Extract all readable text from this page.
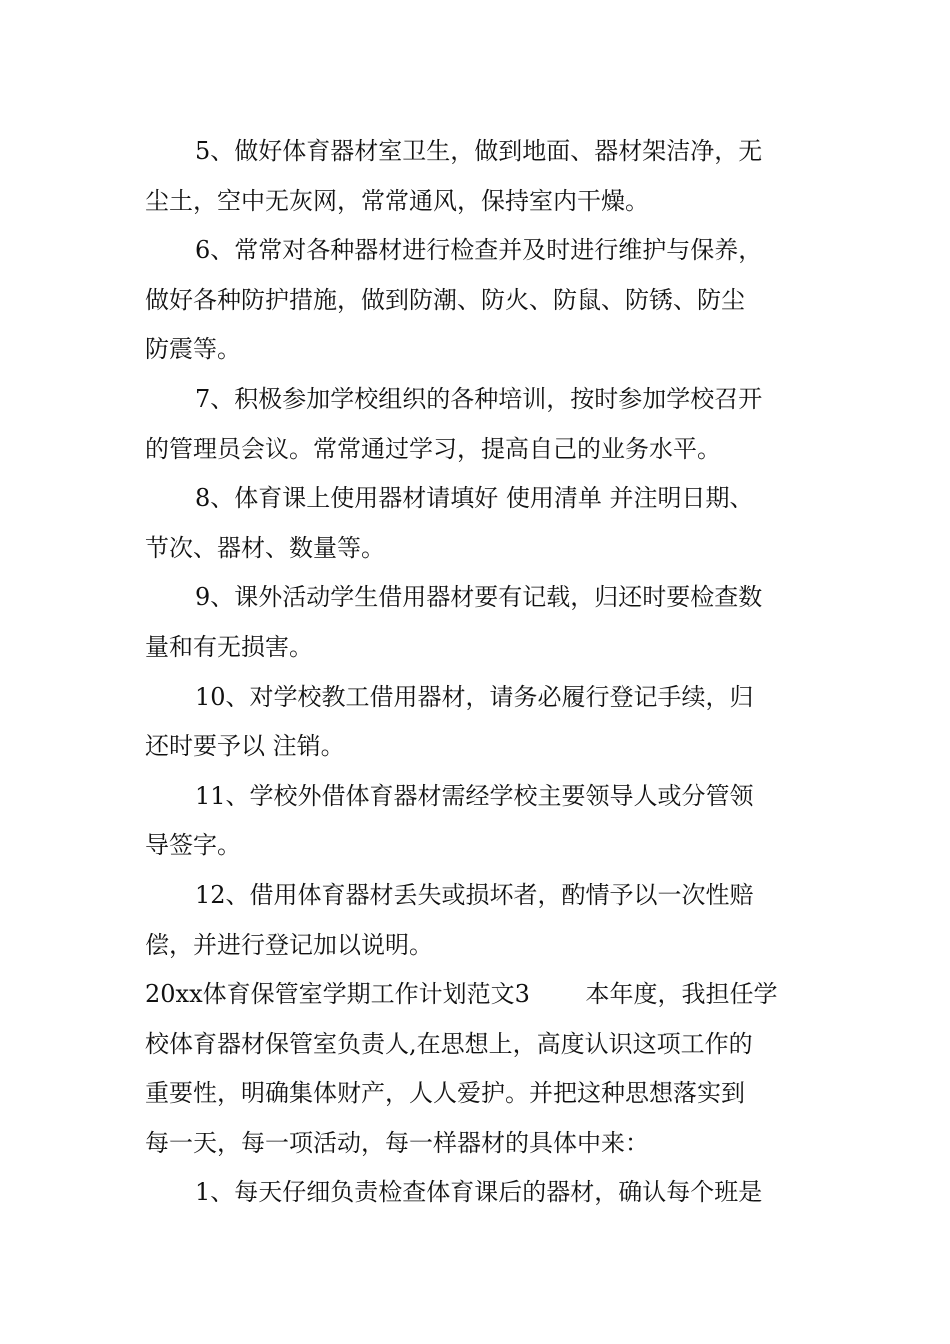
5、做好体育器材室卫生，做到地面、器材架洁净，无
尘土，空中无灰网，常常通风，保持室内干燥。
6、常常对各种器材进行检查并及时进行维护与保养，
做好各种防护措施，做到防潮、防火、防鼠、防锈、防尘
防震等。
7、积极参加学校组织的各种培训，按时参加学校召开
的管理员会议。常常通过学习，提高自己的业务水平。
8、体育课上使用器材请填好 使用清单 并注明日期、
节次、器材、数量等。
9、课外活动学生借用器材要有记载，归还时要检查数
量和有无损害。
10、对学校教工借用器材，请务必履行登记手续，归
还时要予以 注销。
11、学校外借体育器材需经学校主要领导人或分管领
导签字。
12、借用体育器材丢失或损坏者，酌情予以一次性赔
偿，并进行登记加以说明。
20xx体育保管室学期工作计划范文3　　 本年度，我担任学
校体育器材保管室负责人,在思想上，高度认识这项工作的
重要性，明确集体财产，人人爱护。并把这种思想落实到
每一天，每一项活动，每一样器材的具体中来：
1、每天仔细负责检查体育课后的器材，确认每个班是
